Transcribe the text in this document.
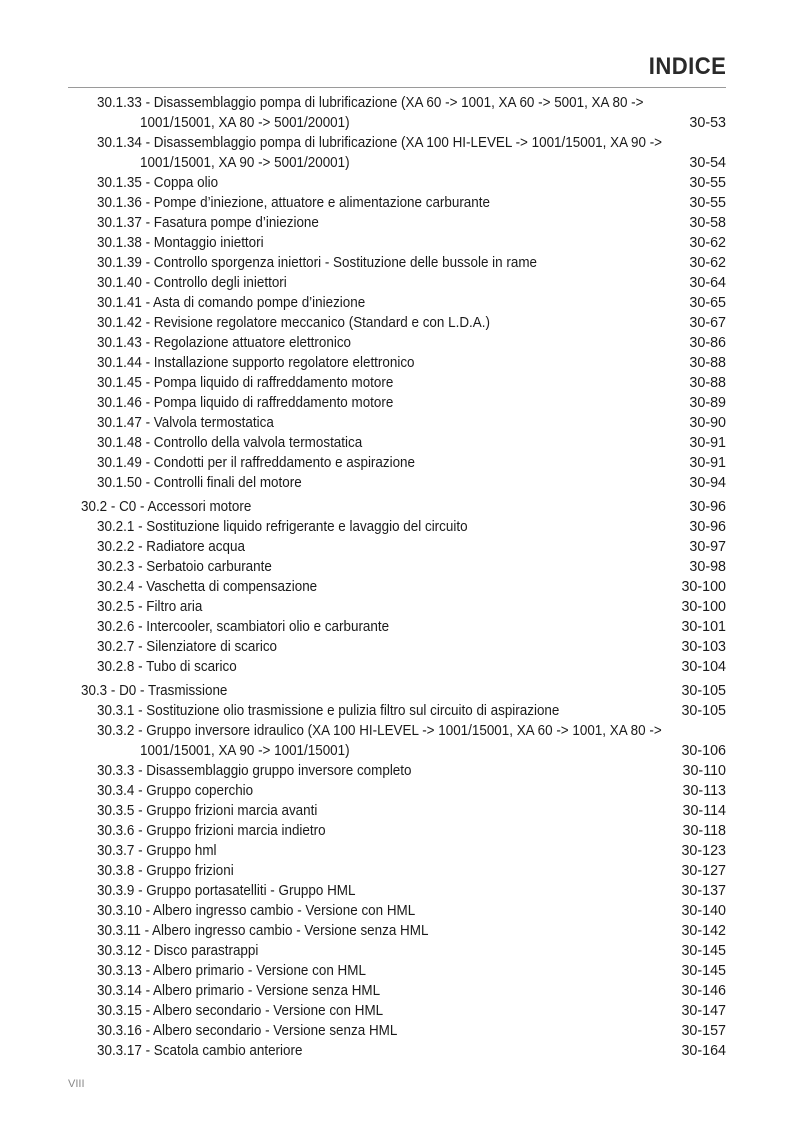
INDICE
30.1.33 - Disassemblaggio pompa di lubrificazione (XA 60 -> 1001, XA 60 -> 5001, XA 80 ->
1001/15001, XA 80 -> 5001/20001)	30-53
30.1.34 - Disassemblaggio pompa di lubrificazione (XA 100 HI-LEVEL -> 1001/15001, XA 90 ->
1001/15001, XA 90 -> 5001/20001)	30-54
30.1.35 - Coppa olio	30-55
30.1.36 - Pompe d’iniezione, attuatore e alimentazione carburante	30-55
30.1.37 - Fasatura pompe d’iniezione	30-58
30.1.38 - Montaggio iniettori	30-62
30.1.39 - Controllo sporgenza iniettori - Sostituzione delle bussole in rame	30-62
30.1.40 - Controllo degli iniettori	30-64
30.1.41 - Asta di comando pompe d’iniezione	30-65
30.1.42 - Revisione regolatore meccanico (Standard e con L.D.A.)	30-67
30.1.43 - Regolazione attuatore elettronico	30-86
30.1.44 - Installazione supporto regolatore elettronico	30-88
30.1.45 - Pompa liquido di raffreddamento motore	30-88
30.1.46 - Pompa liquido di raffreddamento motore	30-89
30.1.47 - Valvola termostatica	30-90
30.1.48 - Controllo della valvola termostatica	30-91
30.1.49 - Condotti per il raffreddamento e aspirazione	30-91
30.1.50 - Controlli finali del motore	30-94
30.2 - C0 - Accessori motore	30-96
30.2.1 - Sostituzione liquido refrigerante e lavaggio del circuito	30-96
30.2.2 - Radiatore acqua	30-97
30.2.3 - Serbatoio carburante	30-98
30.2.4 - Vaschetta di compensazione	30-100
30.2.5 - Filtro aria	30-100
30.2.6 - Intercooler, scambiatori olio e carburante	30-101
30.2.7 - Silenziatore di scarico	30-103
30.2.8 - Tubo di scarico	30-104
30.3 - D0 - Trasmissione	30-105
30.3.1 - Sostituzione olio trasmissione e pulizia filtro sul circuito di aspirazione	30-105
30.3.2 - Gruppo inversore idraulico (XA 100 HI-LEVEL -> 1001/15001, XA 60 -> 1001, XA 80 ->
1001/15001, XA 90 -> 1001/15001)	30-106
30.3.3 - Disassemblaggio gruppo inversore completo	30-110
30.3.4 - Gruppo coperchio	30-113
30.3.5 - Gruppo frizioni marcia avanti	30-114
30.3.6 - Gruppo frizioni marcia indietro	30-118
30.3.7 - Gruppo hml	30-123
30.3.8 - Gruppo frizioni	30-127
30.3.9 - Gruppo portasatelliti - Gruppo HML	30-137
30.3.10 - Albero ingresso cambio - Versione con HML	30-140
30.3.11 - Albero ingresso cambio - Versione senza HML	30-142
30.3.12 - Disco parastrappi	30-145
30.3.13 - Albero primario - Versione con HML	30-145
30.3.14 - Albero primario - Versione senza HML	30-146
30.3.15 - Albero secondario - Versione con HML	30-147
30.3.16 - Albero secondario - Versione senza HML	30-157
30.3.17 - Scatola cambio anteriore	30-164
VIII
